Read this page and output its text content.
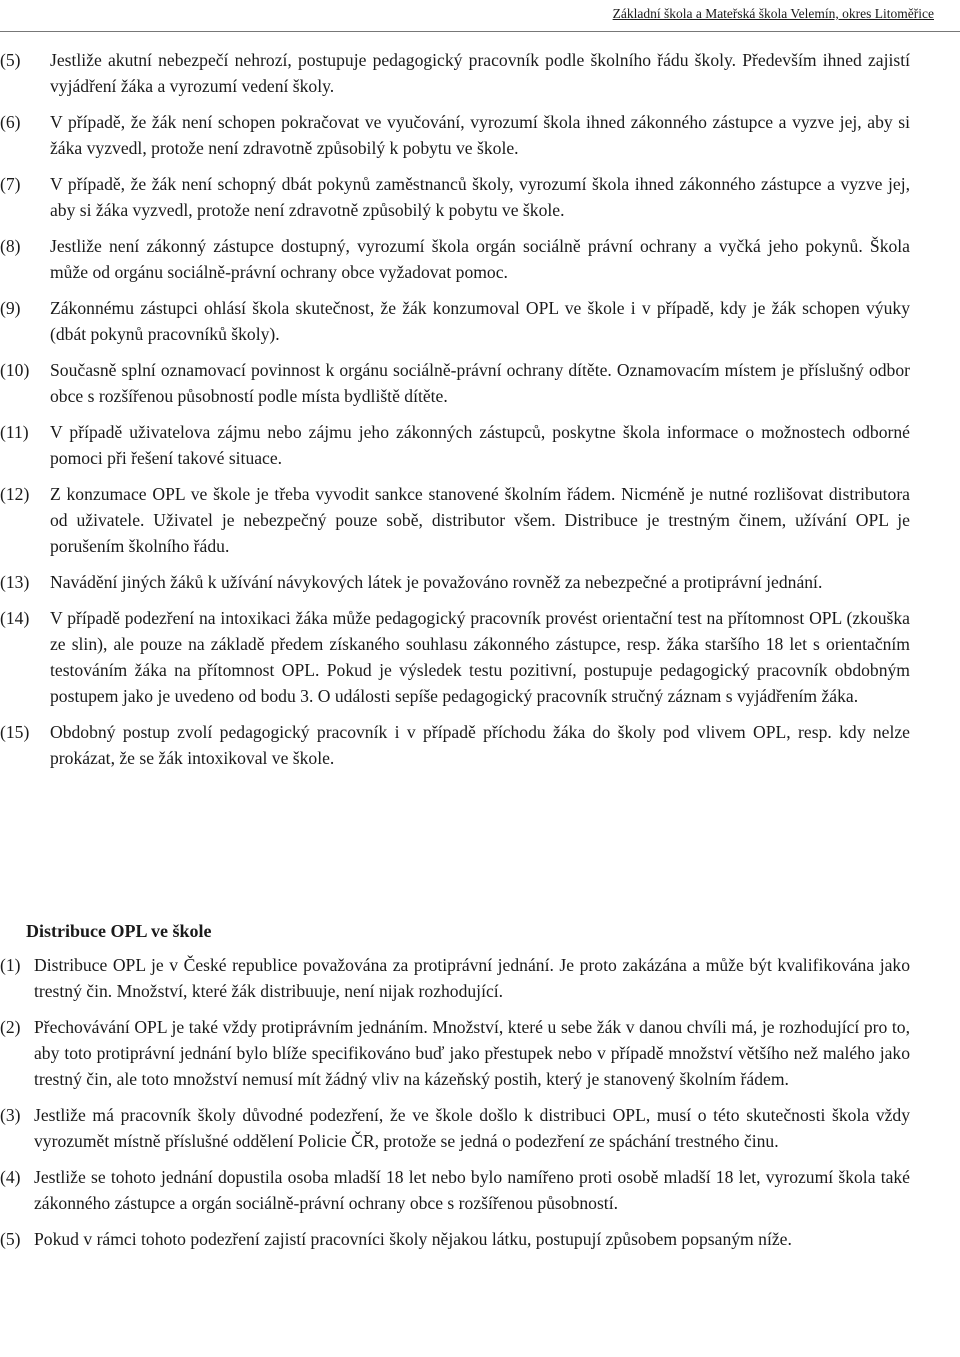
Základní škola a Mateřská škola Velemín, okres Litoměřice
(5) Jestliže akutní nebezpečí nehrozí, postupuje pedagogický pracovník podle školního řádu školy. Především ihned zajistí vyjádření žáka a vyrozumí vedení školy.
(6) V případě, že žák není schopen pokračovat ve vyučování, vyrozumí škola ihned zákonného zástupce a vyzve jej, aby si žáka vyzvedl, protože není zdravotně způsobilý k pobytu ve škole.
(7) V případě, že žák není schopný dbát pokynů zaměstnanců školy, vyrozumí škola ihned zákonného zástupce a vyzve jej, aby si žáka vyzvedl, protože není zdravotně způsobilý k pobytu ve škole.
(8) Jestliže není zákonný zástupce dostupný, vyrozumí škola orgán sociálně právní ochrany a vyčká jeho pokynů. Škola může od orgánu sociálně-právní ochrany obce vyžadovat pomoc.
(9) Zákonnému zástupci ohlásí škola skutečnost, že žák konzumoval OPL ve škole i v případě, kdy je žák schopen výuky (dbát pokynů pracovníků školy).
(10) Současně splní oznamovací povinnost k orgánu sociálně-právní ochrany dítěte. Oznamovacím místem je příslušný odbor obce s rozšířenou působností podle místa bydliště dítěte.
(11) V případě uživatelova zájmu nebo zájmu jeho zákonných zástupců, poskytne škola informace o možnostech odborné pomoci při řešení takové situace.
(12) Z konzumace OPL ve škole je třeba vyvodit sankce stanovené školním řádem. Nicméně je nutné rozlišovat distributora od uživatele. Uživatel je nebezpečný pouze sobě, distributor všem. Distribuce je trestným činem, užívání OPL je porušením školního řádu.
(13) Navádění jiných žáků k užívání návykových látek je považováno rovněž za nebezpečné a protiprávní jednání.
(14) V případě podezření na intoxikaci žáka může pedagogický pracovník provést orientační test na přítomnost OPL (zkouška ze slin), ale pouze na základě předem získaného souhlasu zákonného zástupce, resp. žáka staršího 18 let s orientačním testováním žáka na přítomnost OPL. Pokud je výsledek testu pozitivní, postupuje pedagogický pracovník obdobným postupem jako je uvedeno od bodu 3. O události sepíše pedagogický pracovník stručný záznam s vyjádřením žáka.
(15) Obdobný postup zvolí pedagogický pracovník i v případě příchodu žáka do školy pod vlivem OPL, resp. kdy nelze prokázat, že se žák intoxikoval ve škole.
Distribuce OPL ve škole
(1) Distribuce OPL je v České republice považována za protiprávní jednání. Je proto zakázána a může být kvalifikována jako trestný čin. Množství, které žák distribuuje, není nijak rozhodující.
(2) Přechovávání OPL je také vždy protiprávním jednáním. Množství, které u sebe žák v danou chvíli má, je rozhodující pro to, aby toto protiprávní jednání bylo blíže specifikováno buď jako přestupek nebo v případě množství většího než malého jako trestný čin, ale toto množství nemusí mít žádný vliv na kázeňský postih, který je stanovený školním řádem.
(3) Jestliže má pracovník školy důvodné podezření, že ve škole došlo k distribuci OPL, musí o této skutečnosti škola vždy vyrozumět místně příslušné oddělení Policie ČR, protože se jedná o podezření ze spáchání trestného činu.
(4) Jestliže se tohoto jednání dopustila osoba mladší 18 let nebo bylo namířeno proti osobě mladší 18 let, vyrozumí škola také zákonného zástupce a orgán sociálně-právní ochrany obce s rozšířenou působností.
(5) Pokud v rámci tohoto podezření zajistí pracovníci školy nějakou látku, postupují způsobem popsaným níže.
